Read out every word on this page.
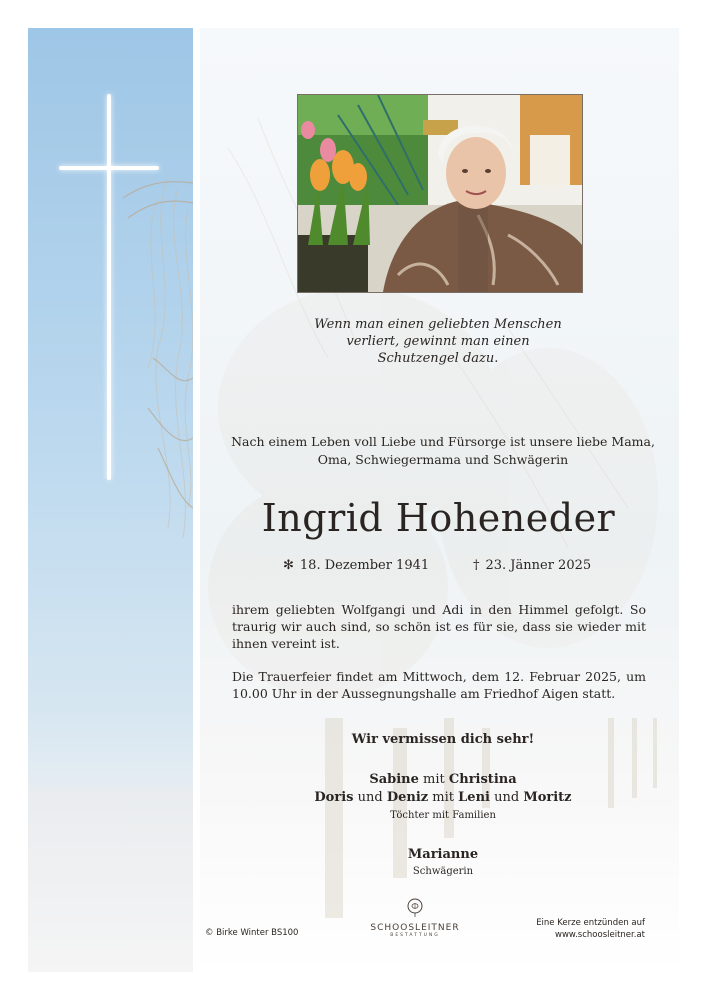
Wenn man einen geliebten Menschen
verliert, gewinnt man einen
Schutzengel dazu.
Nach einem Leben voll Liebe und Fürsorge ist unsere liebe Mama,
Oma, Schwiegermama und Schwägerin
Ingrid Hoheneder
✻ 18. Dezember 1941	† 23. Jänner 2025
ihrem geliebten Wolfgangi und Adi in den Himmel gefolgt. So traurig wir auch sind, so schön ist es für sie, dass sie wieder mit ihnen vereint ist.
Die Trauerfeier findet am Mittwoch, dem 12. Februar 2025, um 10.00 Uhr in der Aussegnungshalle am Friedhof Aigen statt.
Wir vermissen dich sehr!
Sabine mit Christina
Doris und Deniz mit Leni und Moritz
Töchter mit Familien
Marianne
Schwägerin
© Birke Winter BS100	SCHOOSLEITNER
BESTATTUNG
Eine Kerze entzünden auf
www.schoosleitner.at
